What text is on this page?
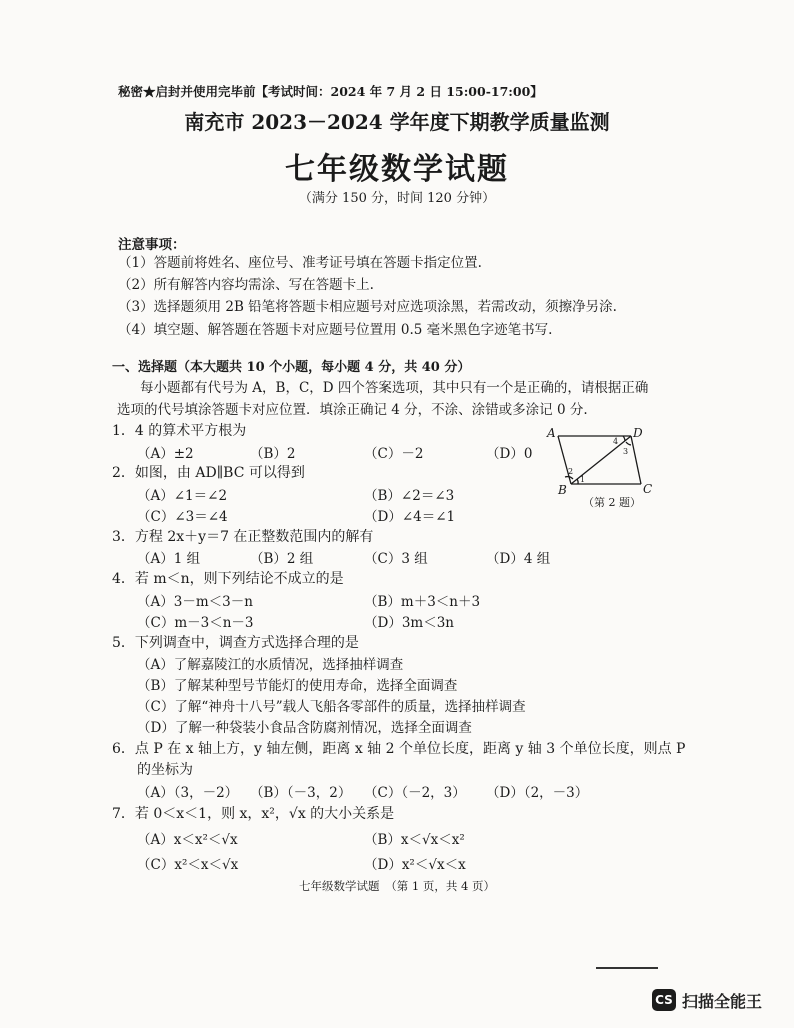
秘密★启封并使用完毕前【考试时间：2024 年 7 月 2 日 15:00-17:00】
南充市 2023－2024 学年度下期教学质量监测
七年级数学试题
（满分 150 分，时间 120 分钟）
注意事项：
（1）答题前将姓名、座位号、准考证号填在答题卡指定位置.
（2）所有解答内容均需涂、写在答题卡上.
（3）选择题须用 2B 铅笔将答题卡相应题号对应选项涂黑，若需改动，须擦净另涂.
（4）填空题、解答题在答题卡对应题号位置用 0.5 毫米黑色字迹笔书写.
一、选择题（本大题共 10 个小题，每小题 4 分，共 40 分）
每小题都有代号为 A，B，C，D 四个答案选项，其中只有一个是正确的，请根据正确
选项的代号填涂答题卡对应位置．填涂正确记 4 分，不涂、涂错或多涂记 0 分.
1．4 的算术平方根为
（A）±2	（B）2	（C）－2	（D）0
2．如图，由 AD∥BC 可以得到
（A）∠1＝∠2	（B）∠2＝∠3
（C）∠3＝∠4	（D）∠4＝∠1
A	D
B	C
1
2
3
4
（第 2 题）
3．方程 2x＋y＝7 在正整数范围内的解有
（A）1 组	（B）2 组	（C）3 组	（D）4 组
4．若 m＜n，则下列结论不成立的是
（A）3－m＜3－n	（B）m＋3＜n＋3
（C）m－3＜n－3	（D）3m＜3n
5．下列调查中，调查方式选择合理的是
（A）了解嘉陵江的水质情况，选择抽样调查
（B）了解某种型号节能灯的使用寿命，选择全面调查
（C）了解“神舟十八号”载人飞船各零部件的质量，选择抽样调查
（D）了解一种袋装小食品含防腐剂情况，选择全面调查
6．点 P 在 x 轴上方，y 轴左侧，距离 x 轴 2 个单位长度，距离 y 轴 3 个单位长度，则点 P
的坐标为
（A）（3，－2） （B）（－3，2） （C）（－2，3） （D）（2，－3）
7．若 0＜x＜1，则 x，x²，√x 的大小关系是
（A）x＜x²＜√x	（B）x＜√x＜x²
（C）x²＜x＜√x	（D）x²＜√x＜x
七年级数学试题　（第 1 页，共 4 页）
CS 扫描全能王
